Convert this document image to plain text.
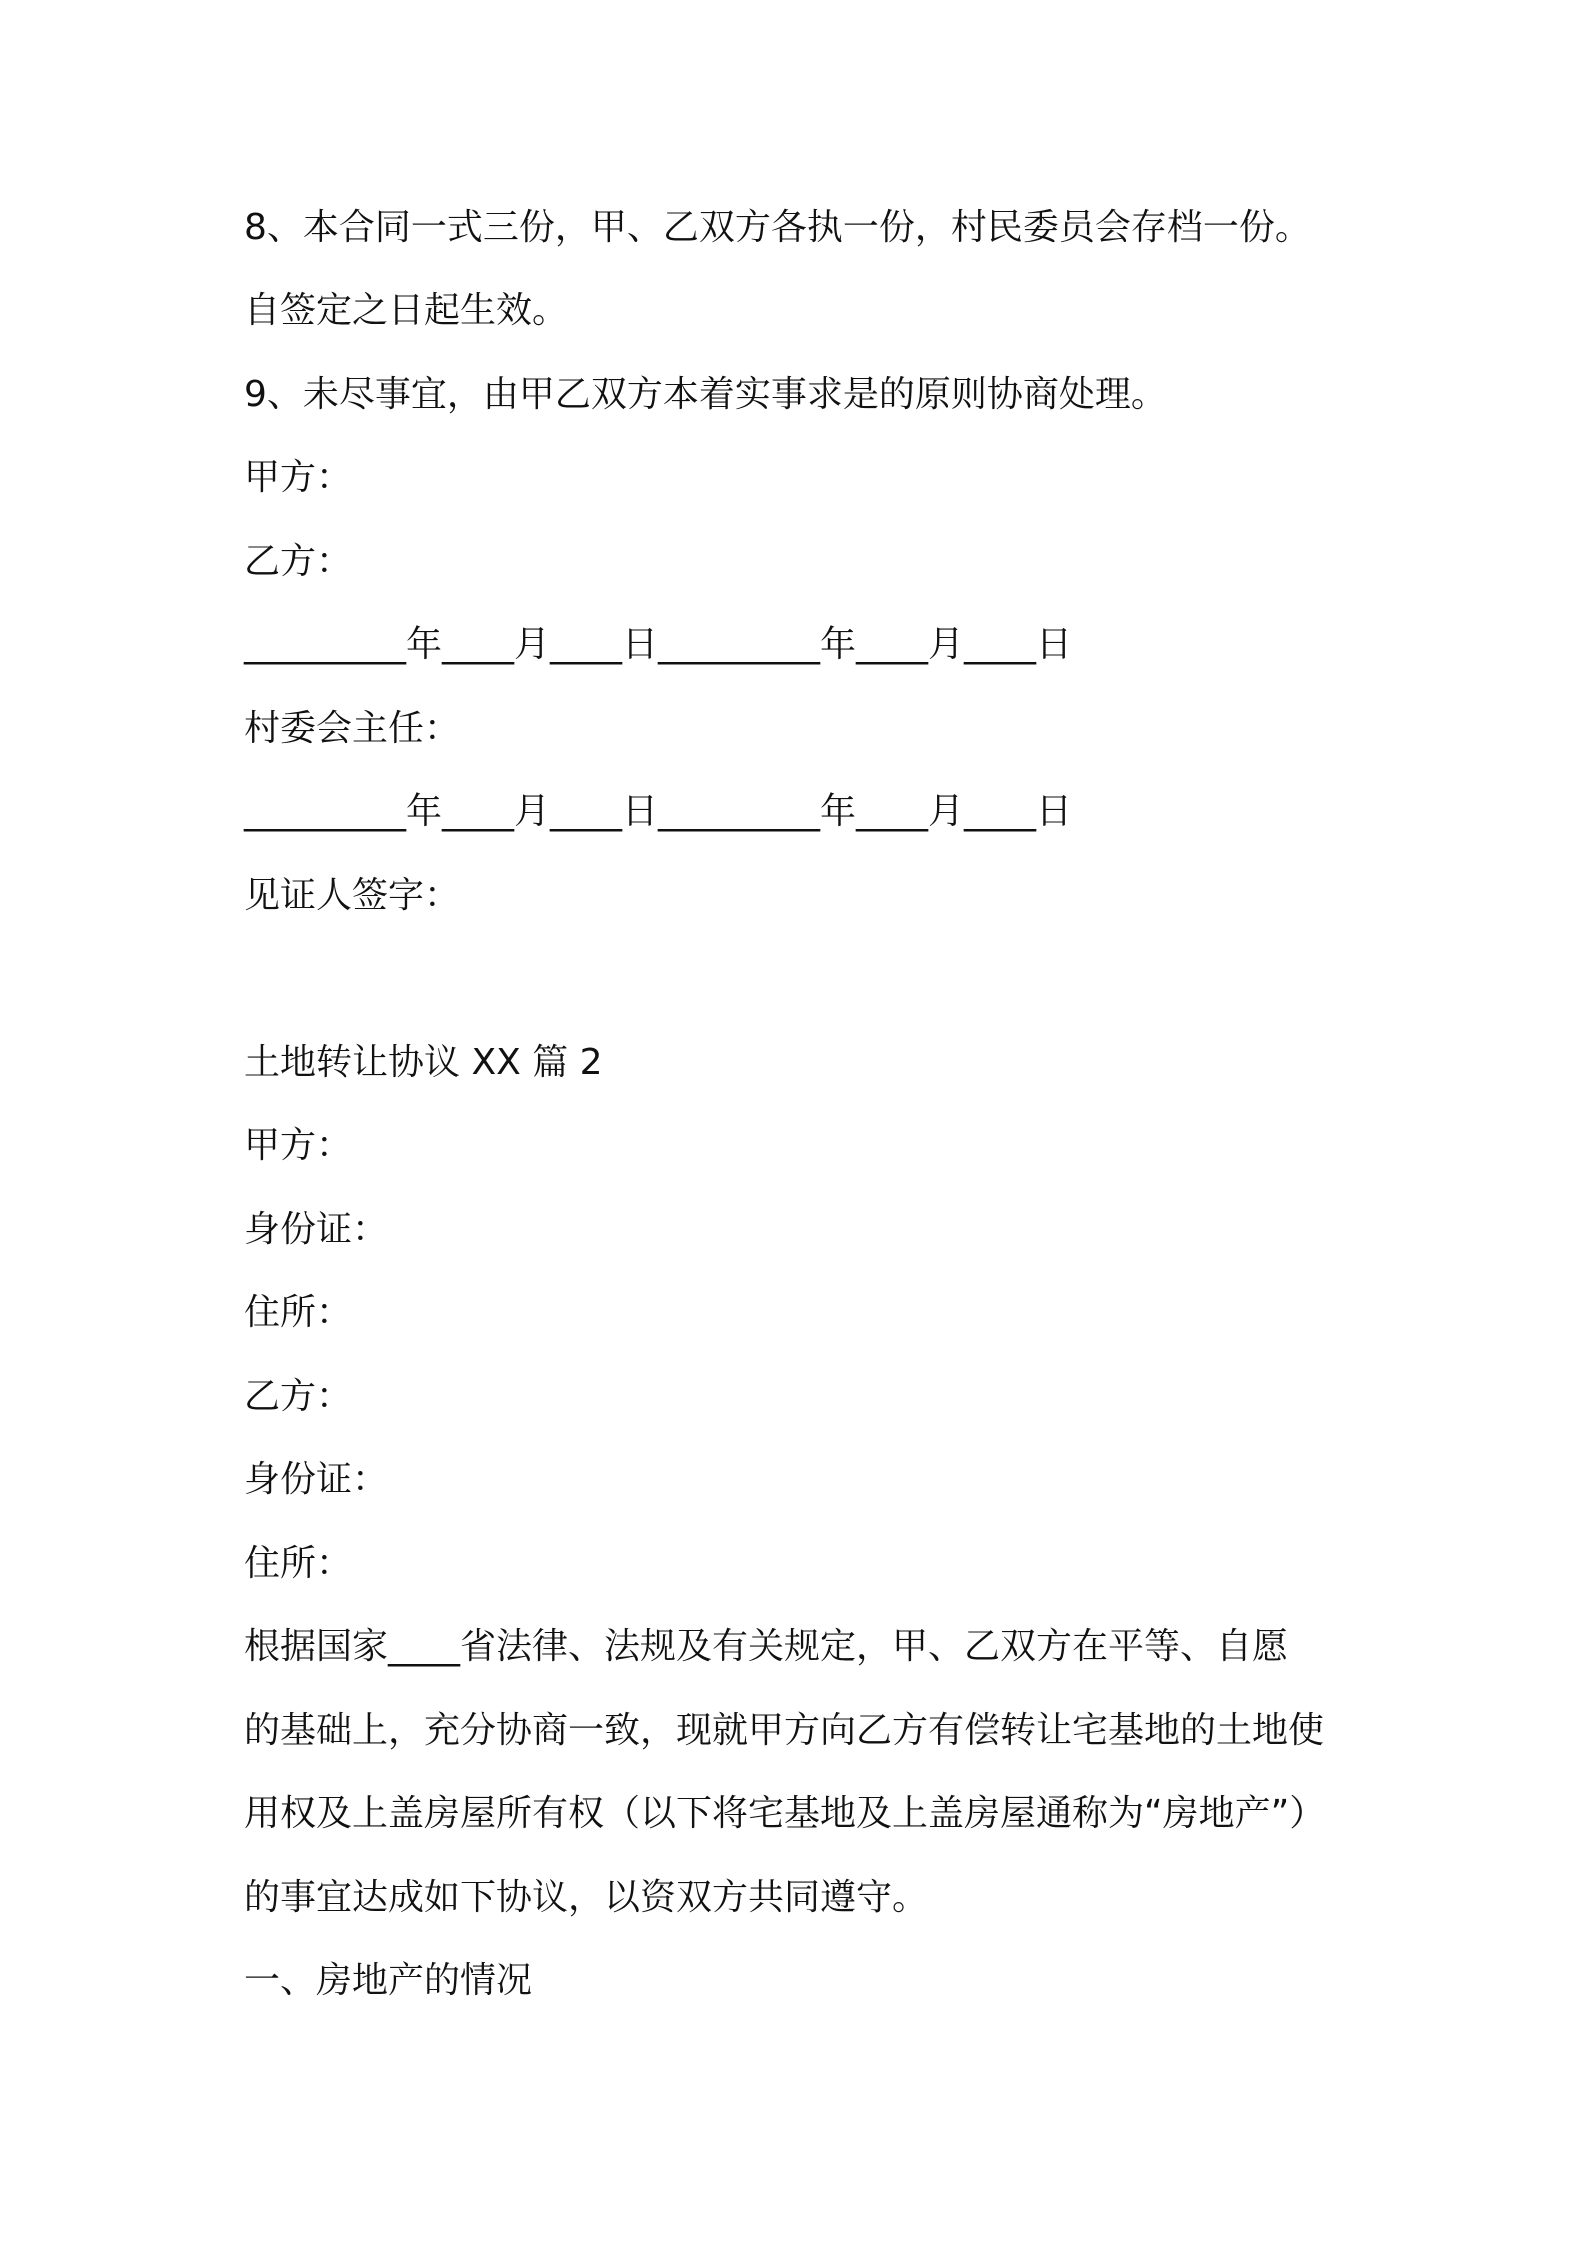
8、本合同一式三份，甲、乙双方各执一份，村民委员会存档一份。

自签定之日起生效。

9、未尽事宜，由甲乙双方本着实事求是的原则协商处理。

甲方：

乙方：

_________年____月____日_________年____月____日

村委会主任：

_________年____月____日_________年____月____日

见证人签字：

土地转让协议 XX 篇 2

甲方：

身份证：

住所：

乙方：

身份证：

住所：

根据国家____省法律、法规及有关规定，甲、乙双方在平等、自愿

的基础上，充分协商一致，现就甲方向乙方有偿转让宅基地的土地使

用权及上盖房屋所有权（以下将宅基地及上盖房屋通称为“房地产”）

的事宜达成如下协议，以资双方共同遵守。

一、房地产的情况
